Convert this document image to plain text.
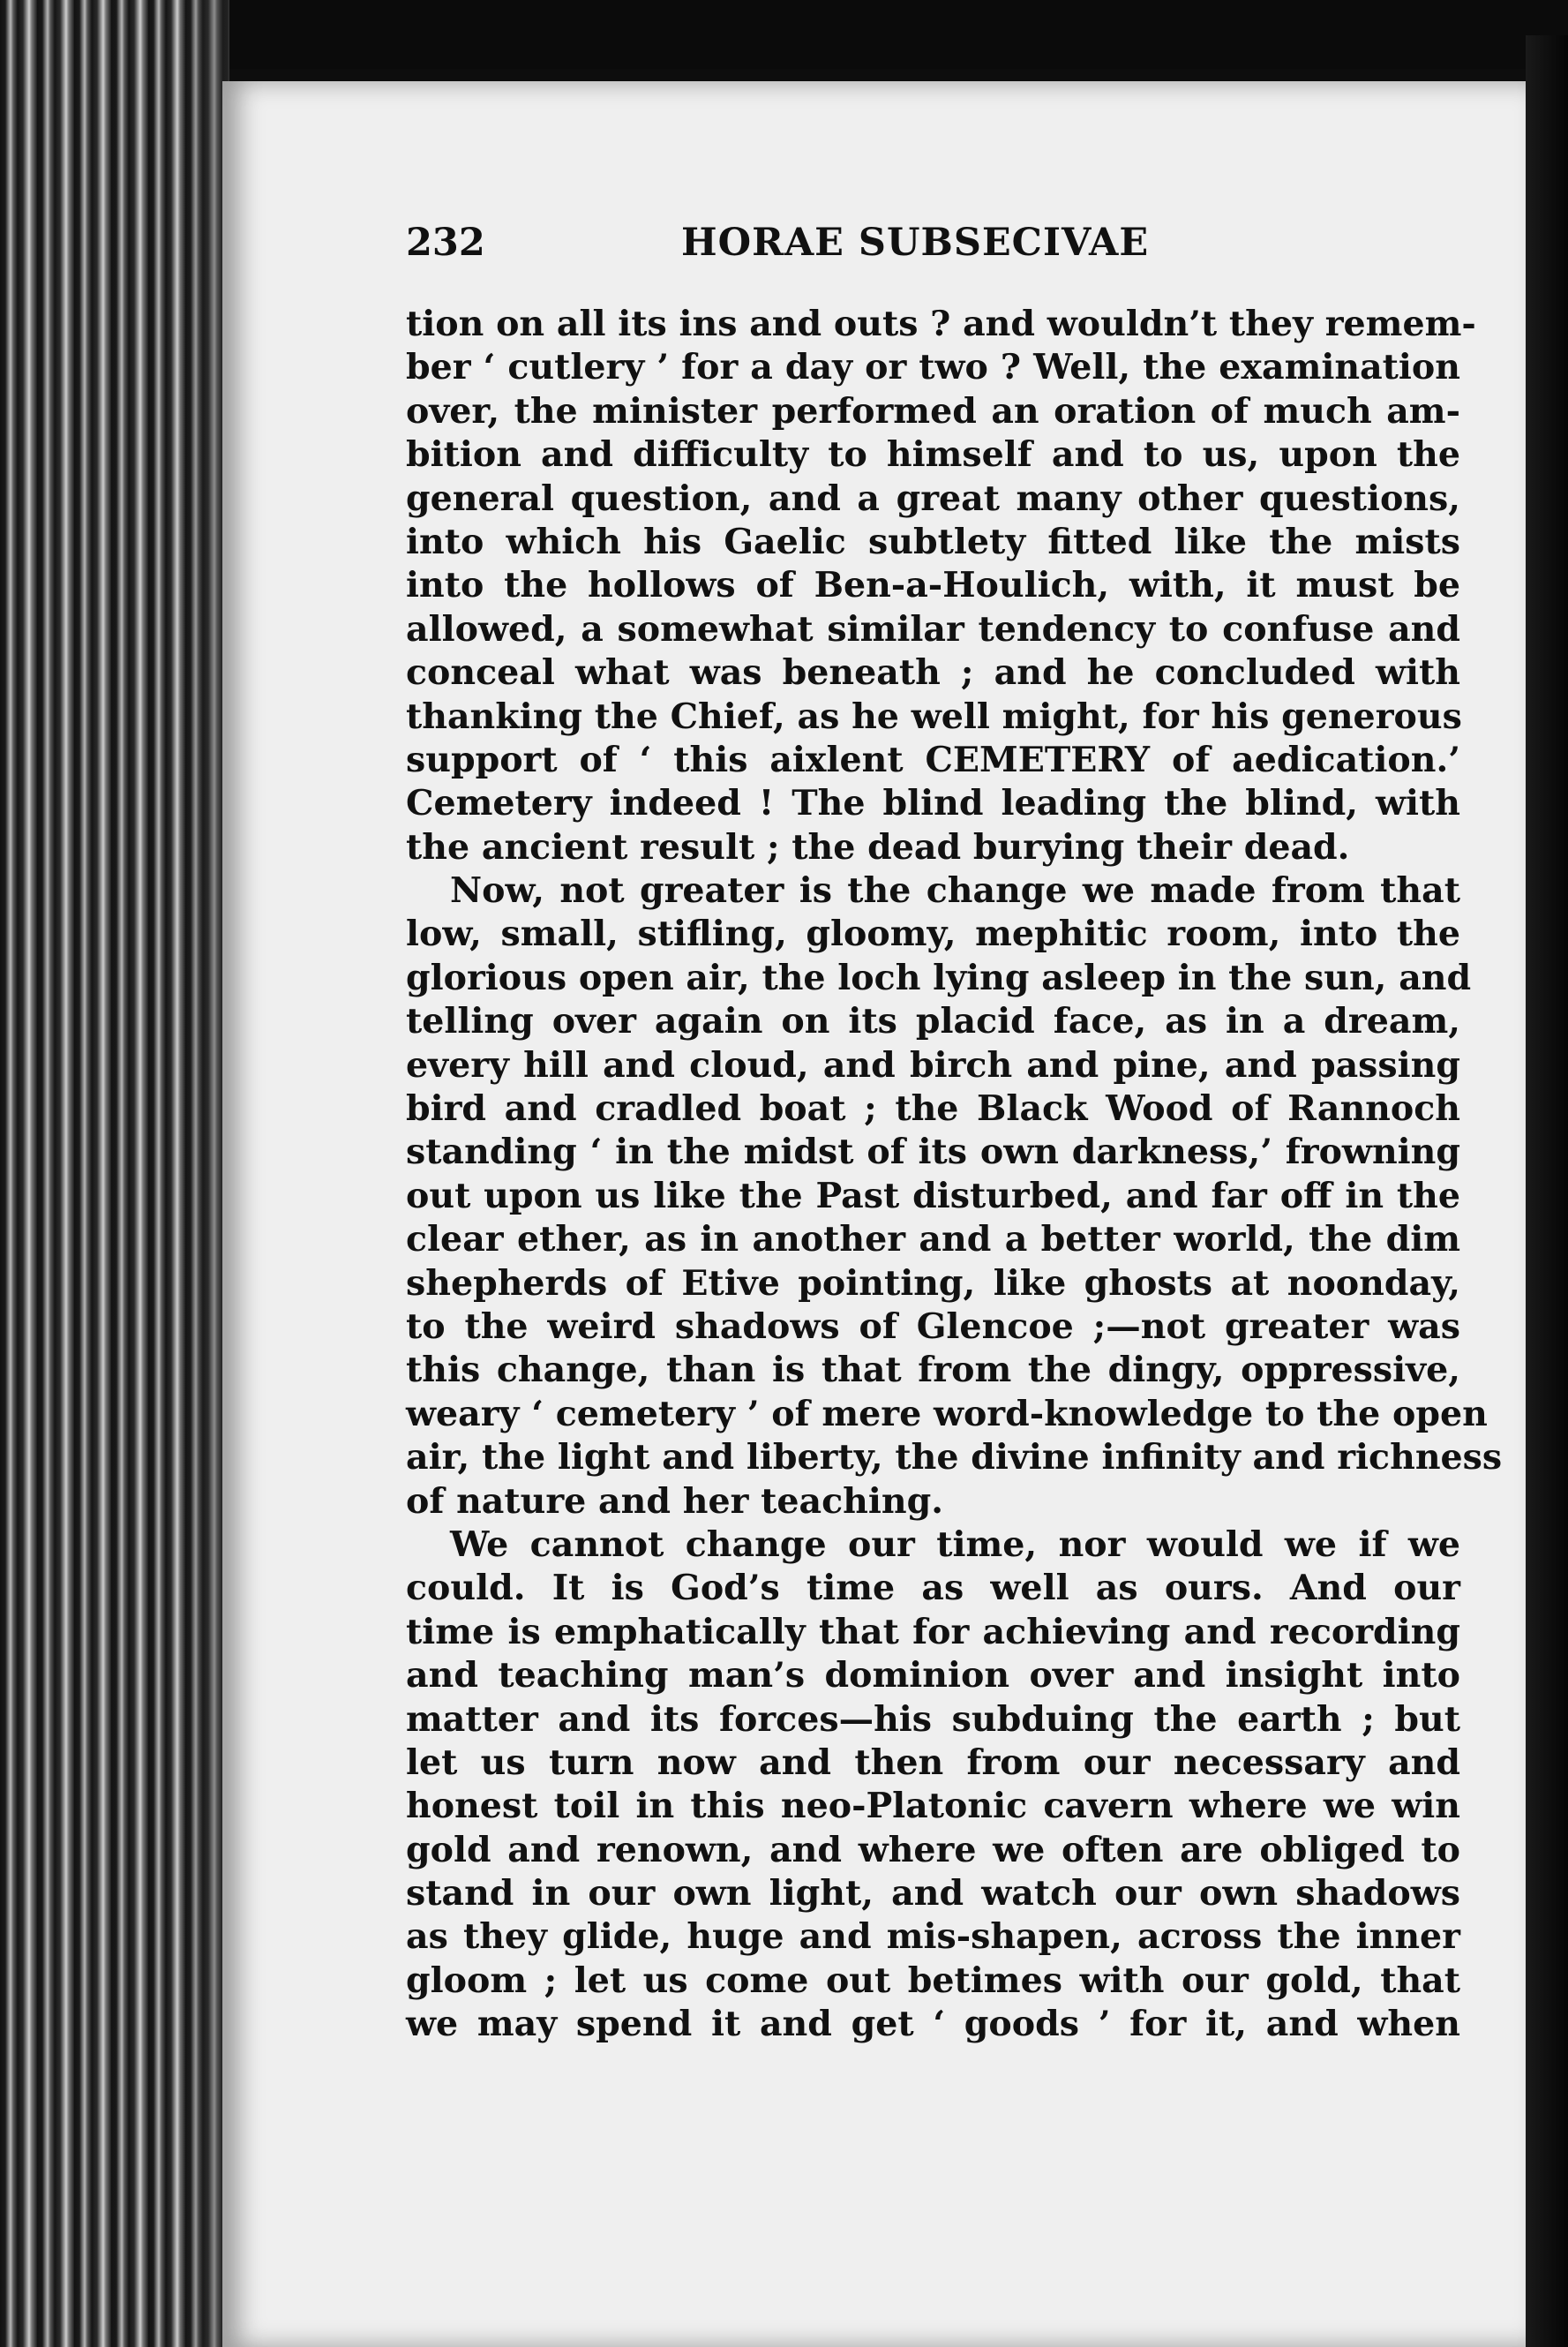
232	HORAE SUBSECIVAE
tion on all its ins and outs ? and wouldn’t they remem-
ber ‘ cutlery ’ for a day or two ? Well, the examination
over, the minister performed an oration of much am-
bition and difficulty to himself and to us, upon the
general question, and a great many other questions,
into which his Gaelic subtlety fitted like the mists
into the hollows of Ben-a-Houlich, with, it must be
allowed, a somewhat similar tendency to confuse and
conceal what was beneath ; and he concluded with
thanking the Chief, as he well might, for his generous
support of ‘ this aixlent CEMETERY of aedication.’
Cemetery indeed ! The blind leading the blind, with
the ancient result ; the dead burying their dead.
Now, not greater is the change we made from that
low, small, stifling, gloomy, mephitic room, into the
glorious open air, the loch lying asleep in the sun, and
telling over again on its placid face, as in a dream,
every hill and cloud, and birch and pine, and passing
bird and cradled boat ; the Black Wood of Rannoch
standing ‘ in the midst of its own darkness,’ frowning
out upon us like the Past disturbed, and far off in the
clear ether, as in another and a better world, the dim
shepherds of Etive pointing, like ghosts at noonday,
to the weird shadows of Glencoe ;—not greater was
this change, than is that from the dingy, oppressive,
weary ‘ cemetery ’ of mere word-knowledge to the open
air, the light and liberty, the divine infinity and richness
of nature and her teaching.
We cannot change our time, nor would we if we
could. It is God’s time as well as ours. And our
time is emphatically that for achieving and recording
and teaching man’s dominion over and insight into
matter and its forces—his subduing the earth ; but
let us turn now and then from our necessary and
honest toil in this neo-Platonic cavern where we win
gold and renown, and where we often are obliged to
stand in our own light, and watch our own shadows
as they glide, huge and mis-shapen, across the inner
gloom ; let us come out betimes with our gold, that
we may spend it and get ‘ goods ’ for it, and when
